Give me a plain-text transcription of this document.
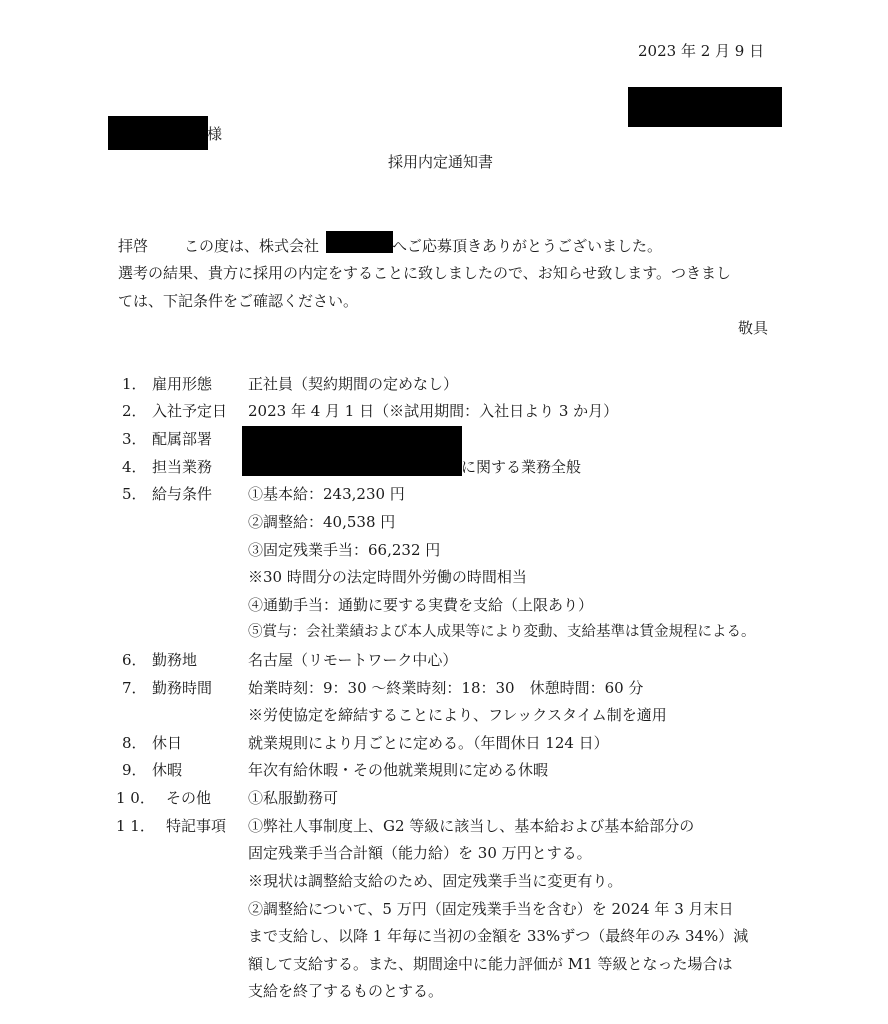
2023 年 2 月 9 日
様
採用内定通知書
拝啓 この度は、株式会社	へご応募頂きありがとうございました。
選考の結果、貴方に採用の内定をすることに致しましたので、お知らせ致します。つきまし
ては、下記条件をご確認ください。
敬具
1． 雇用形態 正社員（契約期間の定めなし）
2． 入社予定日 2023 年 4 月 1 日（※試用期間：入社日より 3 か月）
3． 配属部署
4． 担当業務	に関する業務全般
5． 給与条件 ①基本給：243,230 円
②調整給：40,538 円
③固定残業手当：66,232 円
※30 時間分の法定時間外労働の時間相当
④通勤手当：通勤に要する実費を支給（上限あり）
⑤賞与：会社業績および本人成果等により変動、支給基準は賃金規程による。
6． 勤務地	名古屋（リモートワーク中心）
7． 勤務時間 始業時刻：9：30 〜終業時刻：18：30　休憩時間：60 分
※労使協定を締結することにより、フレックスタイム制を適用
8． 休日	就業規則により月ごとに定める。（年間休日 124 日）
9． 休暇	年次有給休暇・その他就業規則に定める休暇
1 0． その他 ①私服勤務可
1 1． 特記事項 ①弊社人事制度上、G2 等級に該当し、基本給および基本給部分の
固定残業手当合計額（能力給）を 30 万円とする。
※現状は調整給支給のため、固定残業手当に変更有り。
②調整給について、5 万円（固定残業手当を含む）を 2024 年 3 月末日
まで支給し、以降 1 年毎に当初の金額を 33%ずつ（最終年のみ 34%）減
額して支給する。また、期間途中に能力評価が M1 等級となった場合は
支給を終了するものとする。
